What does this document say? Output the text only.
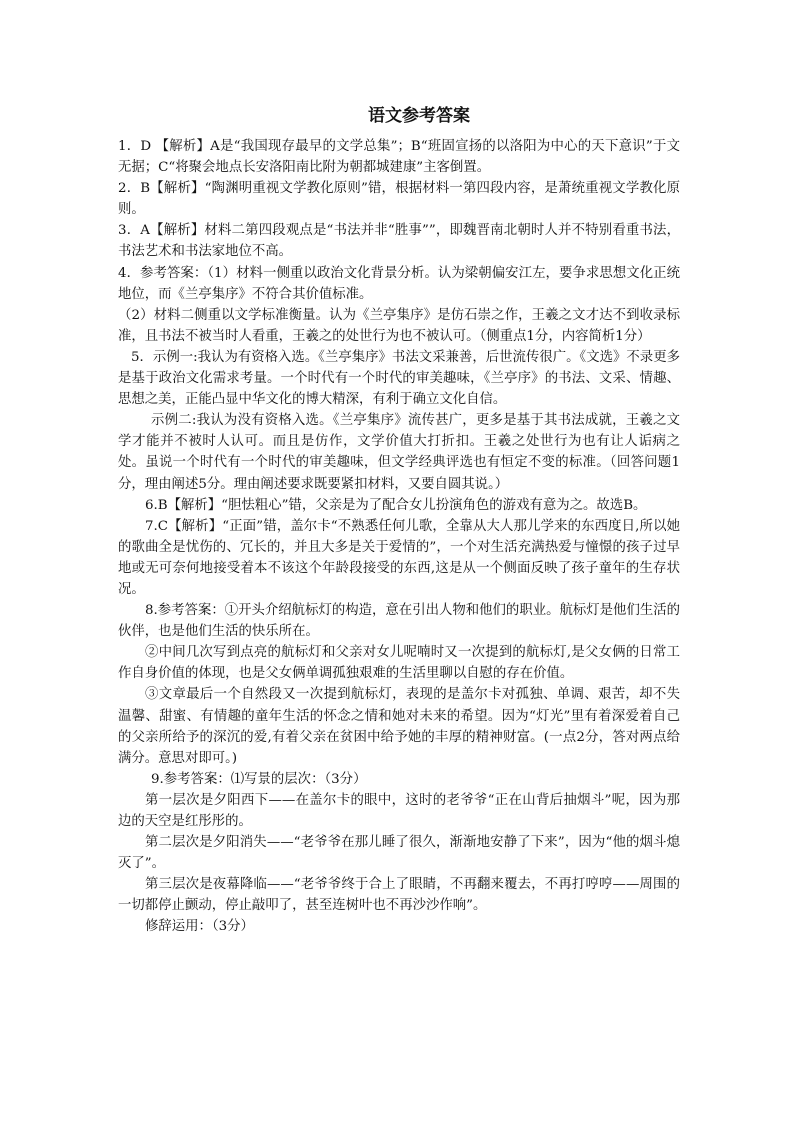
语文参考答案

1．D 【解析】A是“我国现存最早的文学总集”；B“班固宣扬的以洛阳为中心的天下意识”于文无据；C“将聚会地点长安洛阳南比附为朝都城建康”主客倒置。

2．B【解析】“陶渊明重视文学教化原则”错，根据材料一第四段内容，是萧统重视文学教化原则。

3．A【解析】材料二第四段观点是“书法并非“胜事””，即魏晋南北朝时人并不特别看重书法，书法艺术和书法家地位不高。

4．参考答案：（1）材料一侧重以政治文化背景分析。认为梁朝偏安江左，要争求思想文化正统地位，而《兰亭集序》不符合其价值标准。

（2）材料二侧重以文学标准衡量。认为《兰亭集序》是仿石崇之作，王羲之文才达不到收录标准，且书法不被当时人看重，王羲之的处世行为也不被认可。（侧重点1分，内容简析1分）

5．示例一:我认为有资格入选。《兰亭集序》书法文采兼善，后世流传很广。《文选》不录更多是基于政治文化需求考量。一个时代有一个时代的审美趣味，《兰亭序》的书法、文采、情趣、思想之美，正能凸显中华文化的博大精深，有利于确立文化自信。

示例二:我认为没有资格入选。《兰亭集序》流传甚广，更多是基于其书法成就，王羲之文学才能并不被时人认可。而且是仿作，文学价值大打折扣。王羲之处世行为也有让人诟病之处。虽说一个时代有一个时代的审美趣味，但文学经典评选也有恒定不变的标准。（回答问题1分，理由阐述5分。理由阐述要求既要紧扣材料，又要自圆其说。）

6.B【解析】“胆怯粗心”错，父亲是为了配合女儿扮演角色的游戏有意为之。故选B。

7.C【解析】“正面”错，盖尔卡“不熟悉任何儿歌，全靠从大人那儿学来的东西度日,所以她的歌曲全是忧伤的、冗长的，并且大多是关于爱情的”，一个对生活充满热爱与憧憬的孩子过早地或无可奈何地接受着本不该这个年龄段接受的东西,这是从一个侧面反映了孩子童年的生存状况。

8.参考答案：①开头介绍航标灯的构造，意在引出人物和他们的职业。航标灯是他们生活的伙伴，也是他们生活的快乐所在。

②中间几次写到点亮的航标灯和父亲对女儿呢喃时又一次提到的航标灯,是父女俩的日常工作自身价值的体现，也是父女俩单调孤独艰难的生活里聊以自慰的存在价值。

③文章最后一个自然段又一次提到航标灯，表现的是盖尔卡对孤独、单调、艰苦，却不失温馨、甜蜜、有情趣的童年生活的怀念之情和她对未来的希望。因为“灯光”里有着深爱着自己的父亲所给予的深沉的爱,有着父亲在贫困中给予她的丰厚的精神财富。(一点2分，答对两点给满分。意思对即可。)

9.参考答案：⑴写景的层次：（3分）

第一层次是夕阳西下——在盖尔卡的眼中，这时的老爷爷“正在山背后抽烟斗”呢，因为那边的天空是红彤彤的。

第二层次是夕阳消失——“老爷爷在那儿睡了很久，渐渐地安静了下来”，因为“他的烟斗熄灭了”。

第三层次是夜幕降临——“老爷爷终于合上了眼睛，不再翻来覆去，不再打哼哼——周围的一切都停止颤动，停止敲叩了，甚至连树叶也不再沙沙作响”。

修辞运用：（3分）
